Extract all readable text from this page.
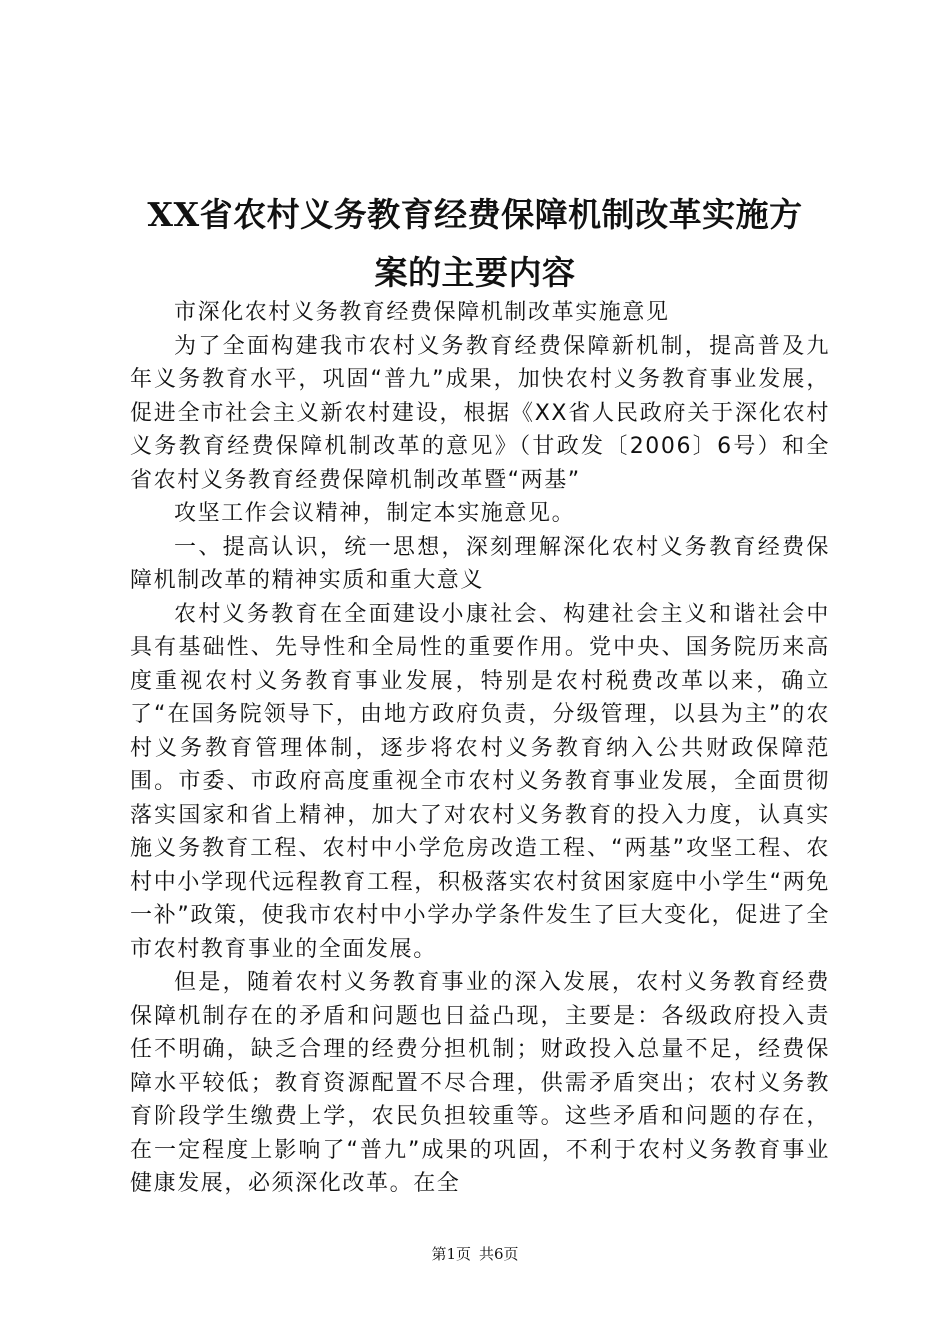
XX省农村义务教育经费保障机制改革实施方
案的主要内容

市深化农村义务教育经费保障机制改革实施意见

为了全面构建我市农村义务教育经费保障新机制，提高普及九年义务教育水平，巩固“普九”成果，加快农村义务教育事业发展，促进全市社会主义新农村建设，根据《XX省人民政府关于深化农村义务教育经费保障机制改革的意见》（甘政发〔2006〕6号）和全省农村义务教育经费保障机制改革暨“两基”

攻坚工作会议精神，制定本实施意见。

一、提高认识，统一思想，深刻理解深化农村义务教育经费保障机制改革的精神实质和重大意义

农村义务教育在全面建设小康社会、构建社会主义和谐社会中具有基础性、先导性和全局性的重要作用。党中央、国务院历来高度重视农村义务教育事业发展，特别是农村税费改革以来，确立了“在国务院领导下，由地方政府负责，分级管理，以县为主”的农村义务教育管理体制，逐步将农村义务教育纳入公共财政保障范围。市委、市政府高度重视全市农村义务教育事业发展，全面贯彻落实国家和省上精神，加大了对农村义务教育的投入力度，认真实施义务教育工程、农村中小学危房改造工程、“两基”攻坚工程、农村中小学现代远程教育工程，积极落实农村贫困家庭中小学生“两免一补”政策，使我市农村中小学办学条件发生了巨大变化，促进了全市农村教育事业的全面发展。

但是，随着农村义务教育事业的深入发展，农村义务教育经费保障机制存在的矛盾和问题也日益凸现，主要是：各级政府投入责任不明确，缺乏合理的经费分担机制；财政投入总量不足，经费保障水平较低；教育资源配置不尽合理，供需矛盾突出；农村义务教育阶段学生缴费上学，农民负担较重等。这些矛盾和问题的存在，在一定程度上影响了“普九”成果的巩固，不利于农村义务教育事业健康发展，必须深化改革。在全

第1页 共6页
